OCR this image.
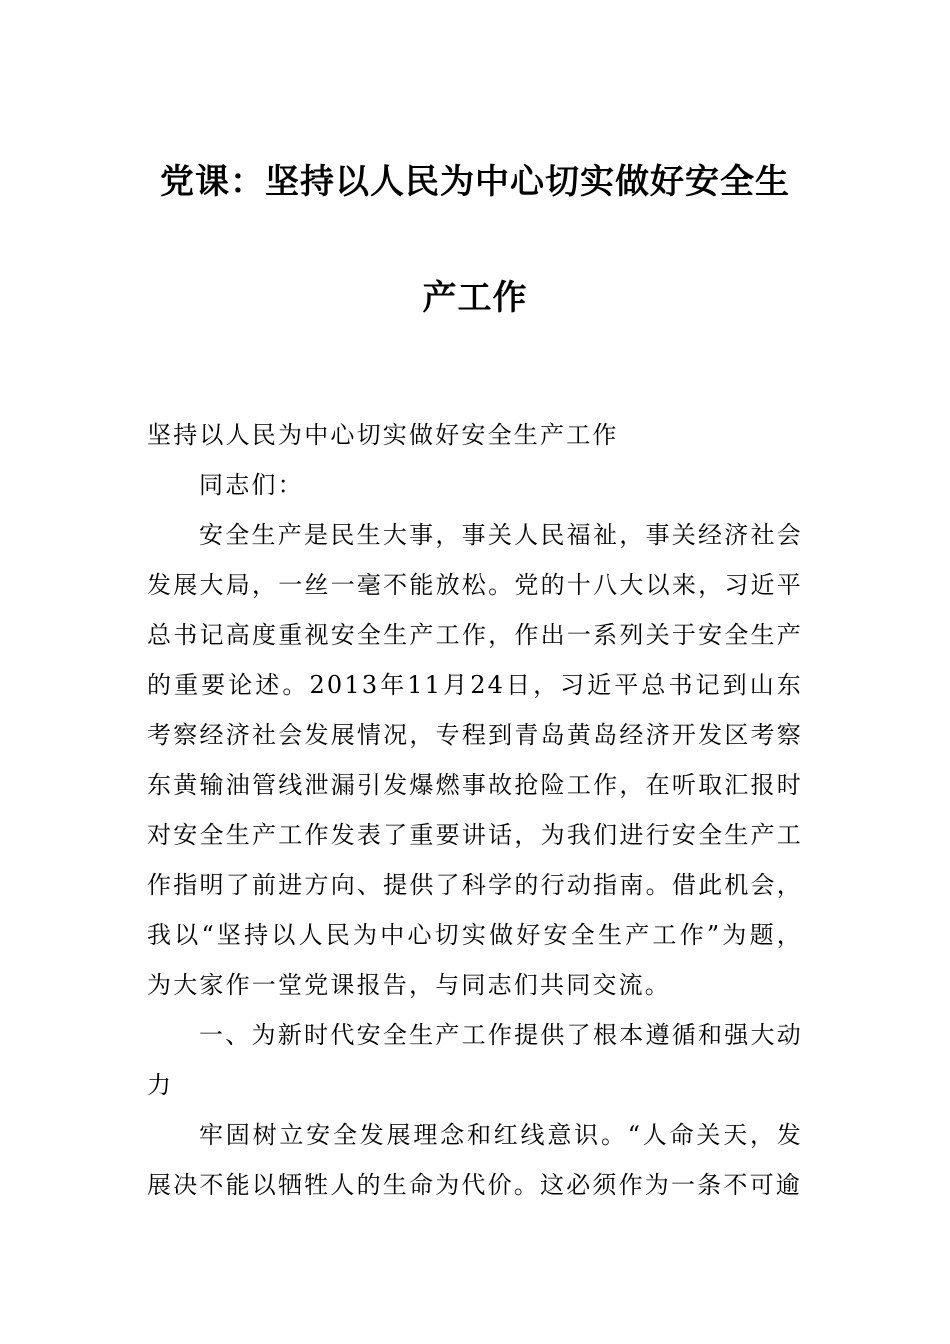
党课：坚持以人民为中心切实做好安全生
产工作

坚持以人民为中心切实做好安全生产工作

同志们：

安全生产是民生大事，事关人民福祉，事关经济社会发展大局，一丝一毫不能放松。党的十八大以来，习近平总书记高度重视安全生产工作，作出一系列关于安全生产的重要论述。2013年11月24日，习近平总书记到山东考察经济社会发展情况，专程到青岛黄岛经济开发区考察东黄输油管线泄漏引发爆燃事故抢险工作，在听取汇报时对安全生产工作发表了重要讲话，为我们进行安全生产工作指明了前进方向、提供了科学的行动指南。借此机会，我以“坚持以人民为中心切实做好安全生产工作”为题，为大家作一堂党课报告，与同志们共同交流。

一、为新时代安全生产工作提供了根本遵循和强大动力

牢固树立安全发展理念和红线意识。“人命关天，发展决不能以牺牲人的生命为代价。这必须作为一条不可逾
